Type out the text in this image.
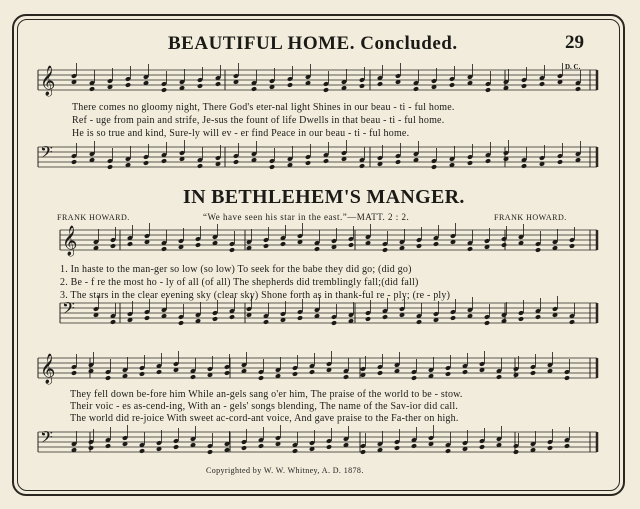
BEAUTIFUL HOME. Concluded.	29
𝄞
𝄢
𝄞
𝄢
𝄞
𝄢
D. C.
There comes no gloomy night, There God's eter-nal light Shines in our beau - ti - ful home.
Ref - uge from pain and strife, Je-sus the fount of life Dwells in that beau - ti - ful home.
He is so true and kind, Sure-ly will ev - er find Peace in our beau - ti - ful home.
IN BETHLEHEM'S MANGER.
FRANK HOWARD.	“We have seen his star in the east.”—MATT. 2 : 2.	FRANK HOWARD.
1. In haste to the man-ger so low (so low) To seek for the babe they did go; (did go)
2. Be - f re the most ho - ly of all (of all) The shepherds did tremblingly fall;(did fall)
3. The stars in the clear evening sky (clear sky) Shone forth as in thank-ful re - ply; (re - ply)
They fell down be-fore him While an-gels sang o'er him, The praise of the world to be - stow.
Their voic - es as-cend-ing, With an - gels' songs blending, The name of the Sav-ior did call.
The world did re-joice With sweet ac-cord-ant voice, And gave praise to the Fa-ther on high.
Copyrighted by W. W. Whitney, A. D. 1878.
